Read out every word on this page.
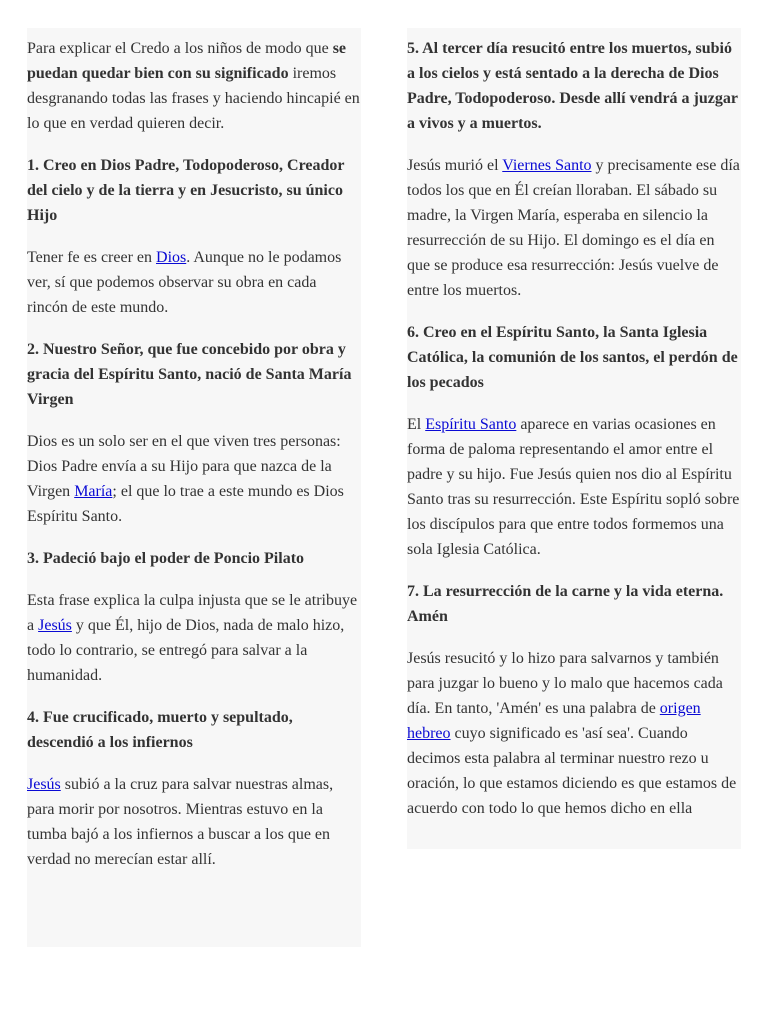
Para explicar el Credo a los niños de modo que se puedan quedar bien con su significado iremos desgranando todas las frases y haciendo hincapié en lo que en verdad quieren decir.

1. Creo en Dios Padre, Todopoderoso, Creador del cielo y de la tierra y en Jesucristo, su único Hijo

Tener fe es creer en Dios. Aunque no le podamos ver, sí que podemos observar su obra en cada rincón de este mundo.

2. Nuestro Señor, que fue concebido por obra y gracia del Espíritu Santo, nació de Santa María Virgen

Dios es un solo ser en el que viven tres personas: Dios Padre envía a su Hijo para que nazca de la Virgen María; el que lo trae a este mundo es Dios Espíritu Santo.

3. Padeció bajo el poder de Poncio Pilato

Esta frase explica la culpa injusta que se le atribuye a Jesús y que Él, hijo de Dios, nada de malo hizo, todo lo contrario, se entregó para salvar a la humanidad.

4. Fue crucificado, muerto y sepultado, descendió a los infiernos

Jesús subió a la cruz para salvar nuestras almas, para morir por nosotros. Mientras estuvo en la tumba bajó a los infiernos a buscar a los que en verdad no merecían estar allí.

5. Al tercer día resucitó entre los muertos, subió a los cielos y está sentado a la derecha de Dios Padre, Todopoderoso. Desde allí vendrá a juzgar a vivos y a muertos.

Jesús murió el Viernes Santo y precisamente ese día todos los que en Él creían lloraban. El sábado su madre, la Virgen María, esperaba en silencio la resurrección de su Hijo. El domingo es el día en que se produce esa resurrección: Jesús vuelve de entre los muertos.

6. Creo en el Espíritu Santo, la Santa Iglesia Católica, la comunión de los santos, el perdón de los pecados

El Espíritu Santo aparece en varias ocasiones en forma de paloma representando el amor entre el padre y su hijo. Fue Jesús quien nos dio al Espíritu Santo tras su resurrección. Este Espíritu sopló sobre los discípulos para que entre todos formemos una sola Iglesia Católica.

7. La resurrección de la carne y la vida eterna. Amén

Jesús resucitó y lo hizo para salvarnos y también para juzgar lo bueno y lo malo que hacemos cada día. En tanto, 'Amén' es una palabra de origen hebreo cuyo significado es 'así sea'. Cuando decimos esta palabra al terminar nuestro rezo u oración, lo que estamos diciendo es que estamos de acuerdo con todo lo que hemos dicho en ella
